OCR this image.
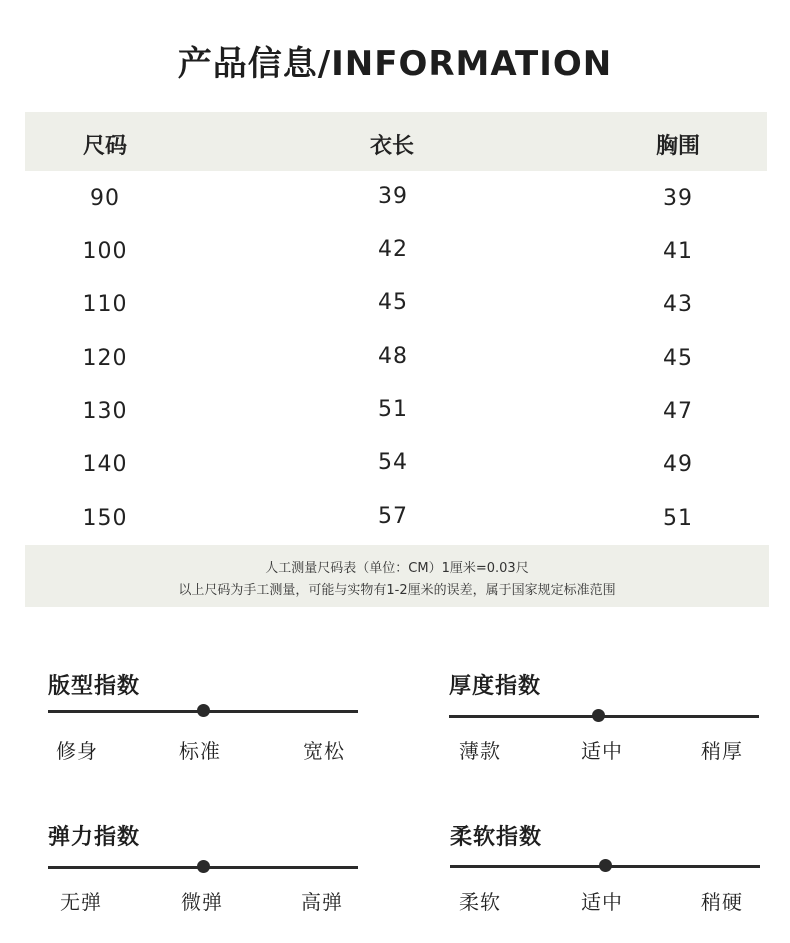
产品信息/INFORMATION
尺码	衣长	胸围
90	39	39
100	42	41
110	45	43
120	48	45
130	51	47
140	54	49
150	57	51
人工测量尺码表（单位：CM）1厘米=0.03尺
以上尺码为手工测量，可能与实物有1-2厘米的误差，属于国家规定标准范围
版型指数
修身	标准	宽松
厚度指数
薄款	适中	稍厚
弹力指数
无弹	微弹	高弹
柔软指数
柔软	适中	稍硬
